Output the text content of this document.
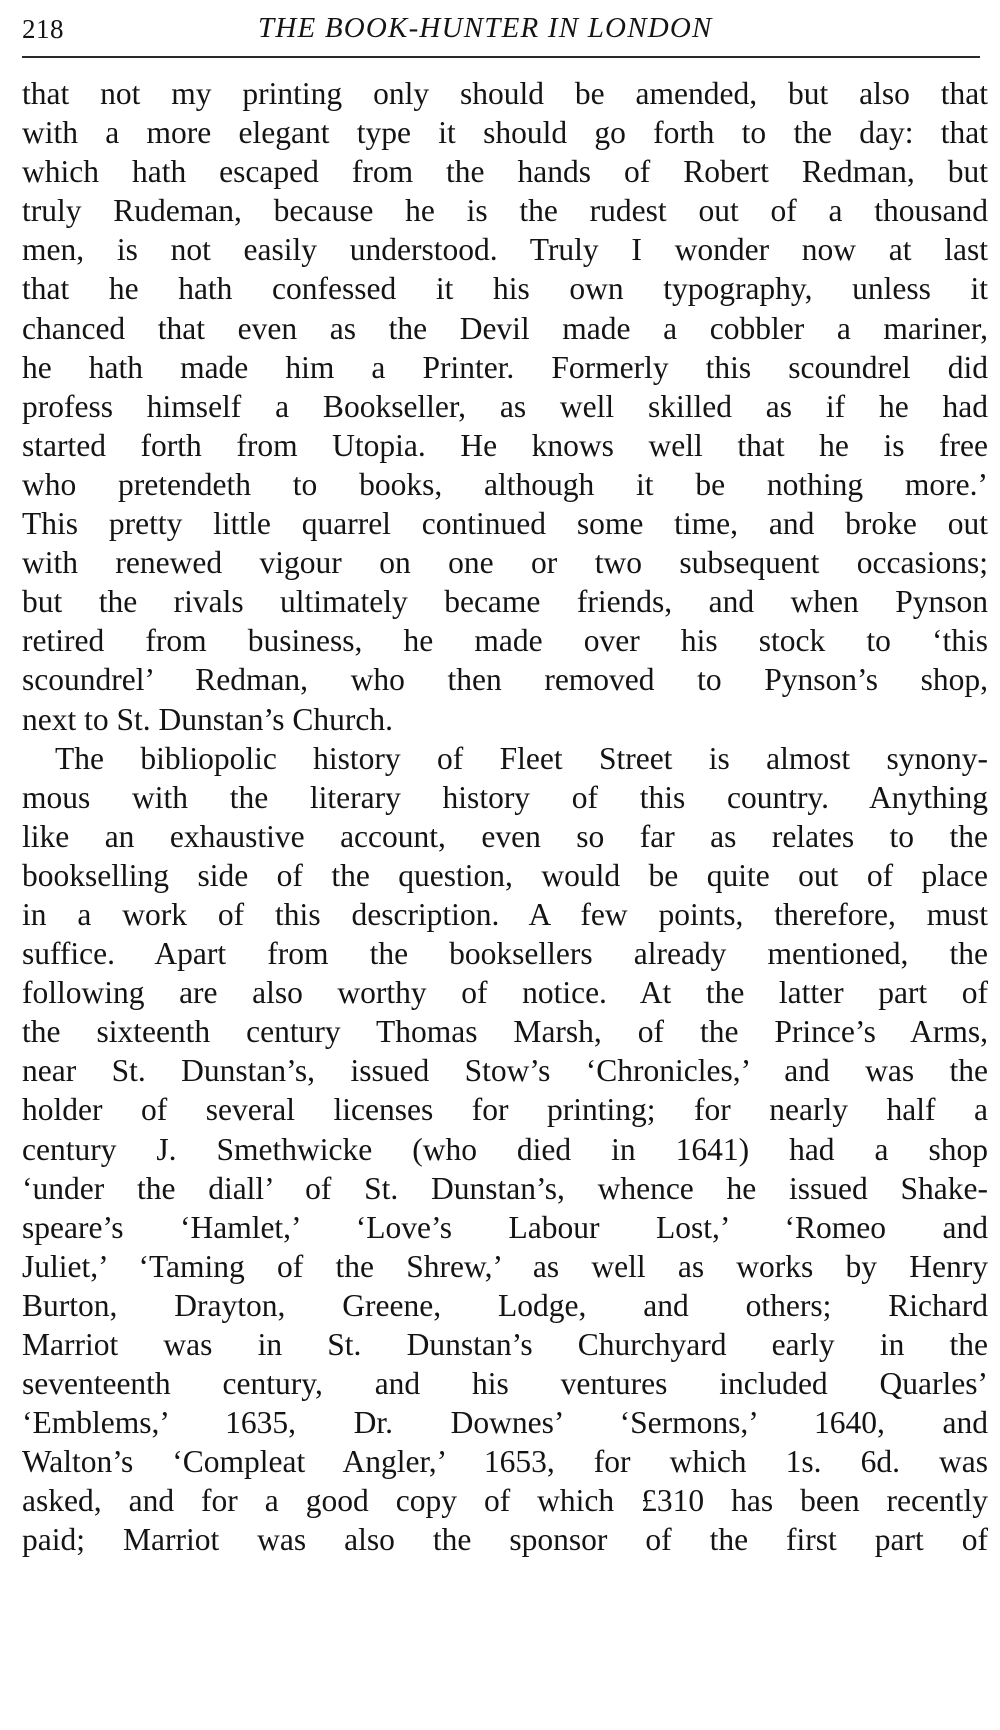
218	THE BOOK-HUNTER IN LONDON
that not my printing only should be amended, but also that
with a more elegant type it should go forth to the day: that
which hath escaped from the hands of Robert Redman, but
truly Rudeman, because he is the rudest out of a thousand
men, is not easily understood. Truly I wonder now at last
that he hath confessed it his own typography, unless it
chanced that even as the Devil made a cobbler a mariner,
he hath made him a Printer. Formerly this scoundrel did
profess himself a Bookseller, as well skilled as if he had
started forth from Utopia. He knows well that he is free
who pretendeth to books, although it be nothing more.’
This pretty little quarrel continued some time, and broke out
with renewed vigour on one or two subsequent occasions;
but the rivals ultimately became friends, and when Pynson
retired from business, he made over his stock to ‘this
scoundrel’ Redman, who then removed to Pynson’s shop,
next to St. Dunstan’s Church.
The bibliopolic history of Fleet Street is almost synony-
mous with the literary history of this country. Anything
like an exhaustive account, even so far as relates to the
bookselling side of the question, would be quite out of place
in a work of this description. A few points, therefore, must
suffice. Apart from the booksellers already mentioned, the
following are also worthy of notice. At the latter part of
the sixteenth century Thomas Marsh, of the Prince’s Arms,
near St. Dunstan’s, issued Stow’s ‘Chronicles,’ and was the
holder of several licenses for printing; for nearly half a
century J. Smethwicke (who died in 1641) had a shop
‘under the diall’ of St. Dunstan’s, whence he issued Shake-
speare’s ‘Hamlet,’ ‘Love’s Labour Lost,’ ‘Romeo and
Juliet,’ ‘Taming of the Shrew,’ as well as works by Henry
Burton, Drayton, Greene, Lodge, and others; Richard
Marriot was in St. Dunstan’s Churchyard early in the
seventeenth century, and his ventures included Quarles’
‘Emblems,’ 1635, Dr. Downes’ ‘Sermons,’ 1640, and
Walton’s ‘Compleat Angler,’ 1653, for which 1s. 6d. was
asked, and for a good copy of which £310 has been recently
paid; Marriot was also the sponsor of the first part of
